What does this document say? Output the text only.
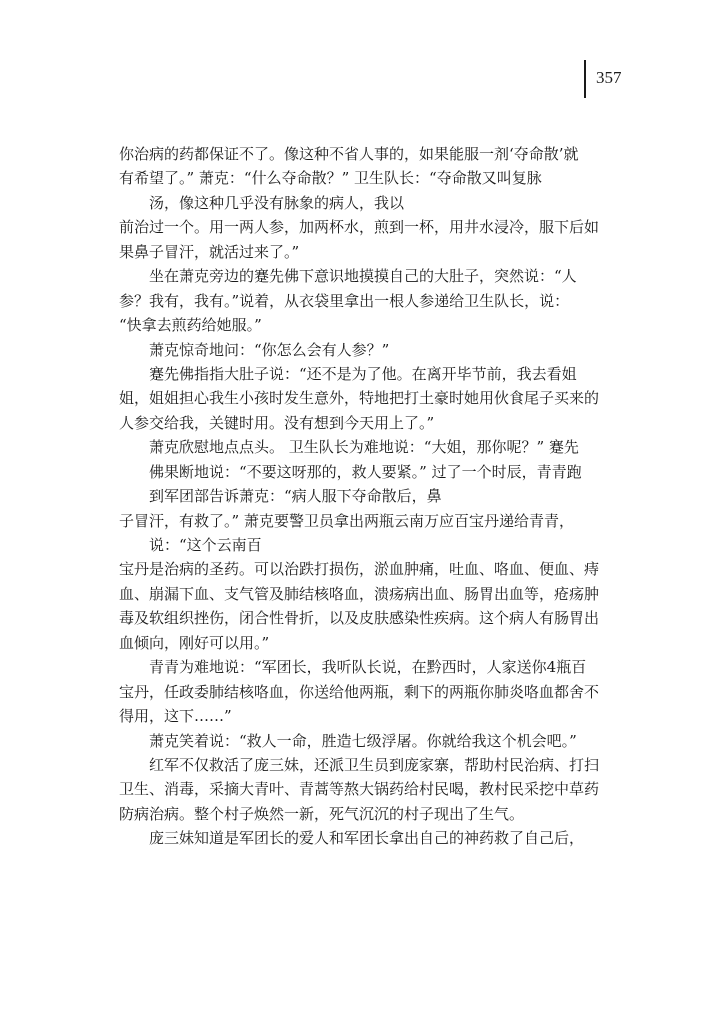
357
你治病的药都保证不了。像这种不省人事的，如果能服一剂‘夺命散’就
有希望了。” 萧克：“什么夺命散？” 卫生队长：“夺命散又叫复脉
汤，像这种几乎没有脉象的病人，我以
前治过一个。用一两人参，加两杯水，煎到一杯，用井水浸冷，服下后如
果鼻子冒汗，就活过来了。”
坐在萧克旁边的蹇先佛下意识地摸摸自己的大肚子，突然说：“人
参？我有，我有。”说着，从衣袋里拿出一根人参递给卫生队长，说：
“快拿去煎药给她服。”
萧克惊奇地问：“你怎么会有人参？”
蹇先佛指指大肚子说：“还不是为了他。在离开毕节前，我去看姐
姐，姐姐担心我生小孩时发生意外，特地把打土豪时她用伙食尾子买来的
人参交给我，关键时用。没有想到今天用上了。”
萧克欣慰地点点头。 卫生队长为难地说：“大姐，那你呢？” 蹇先
佛果断地说：“不要这呀那的，救人要紧。” 过了一个时辰，青青跑
到军团部告诉萧克：“病人服下夺命散后，鼻
子冒汗，有救了。” 萧克要警卫员拿出两瓶云南万应百宝丹递给青青，
说：“这个云南百
宝丹是治病的圣药。可以治跌打损伤，淤血肿痛，吐血、咯血、便血、痔
血、崩漏下血、支气管及肺结核咯血，溃疡病出血、肠胃出血等，疮疡肿
毒及软组织挫伤，闭合性骨折，以及皮肤感染性疾病。这个病人有肠胃出
血倾向，刚好可以用。”
青青为难地说：“军团长，我听队长说，在黔西时，人家送你4瓶百
宝丹，任政委肺结核咯血，你送给他两瓶，剩下的两瓶你肺炎咯血都舍不
得用，这下……”
萧克笑着说：“救人一命，胜造七级浮屠。你就给我这个机会吧。”
红军不仅救活了庞三妹，还派卫生员到庞家寨，帮助村民治病、打扫
卫生、消毒，采摘大青叶、青蒿等熬大锅药给村民喝，教村民采挖中草药
防病治病。整个村子焕然一新，死气沉沉的村子现出了生气。
庞三妹知道是军团长的爱人和军团长拿出自己的神药救了自己后，
